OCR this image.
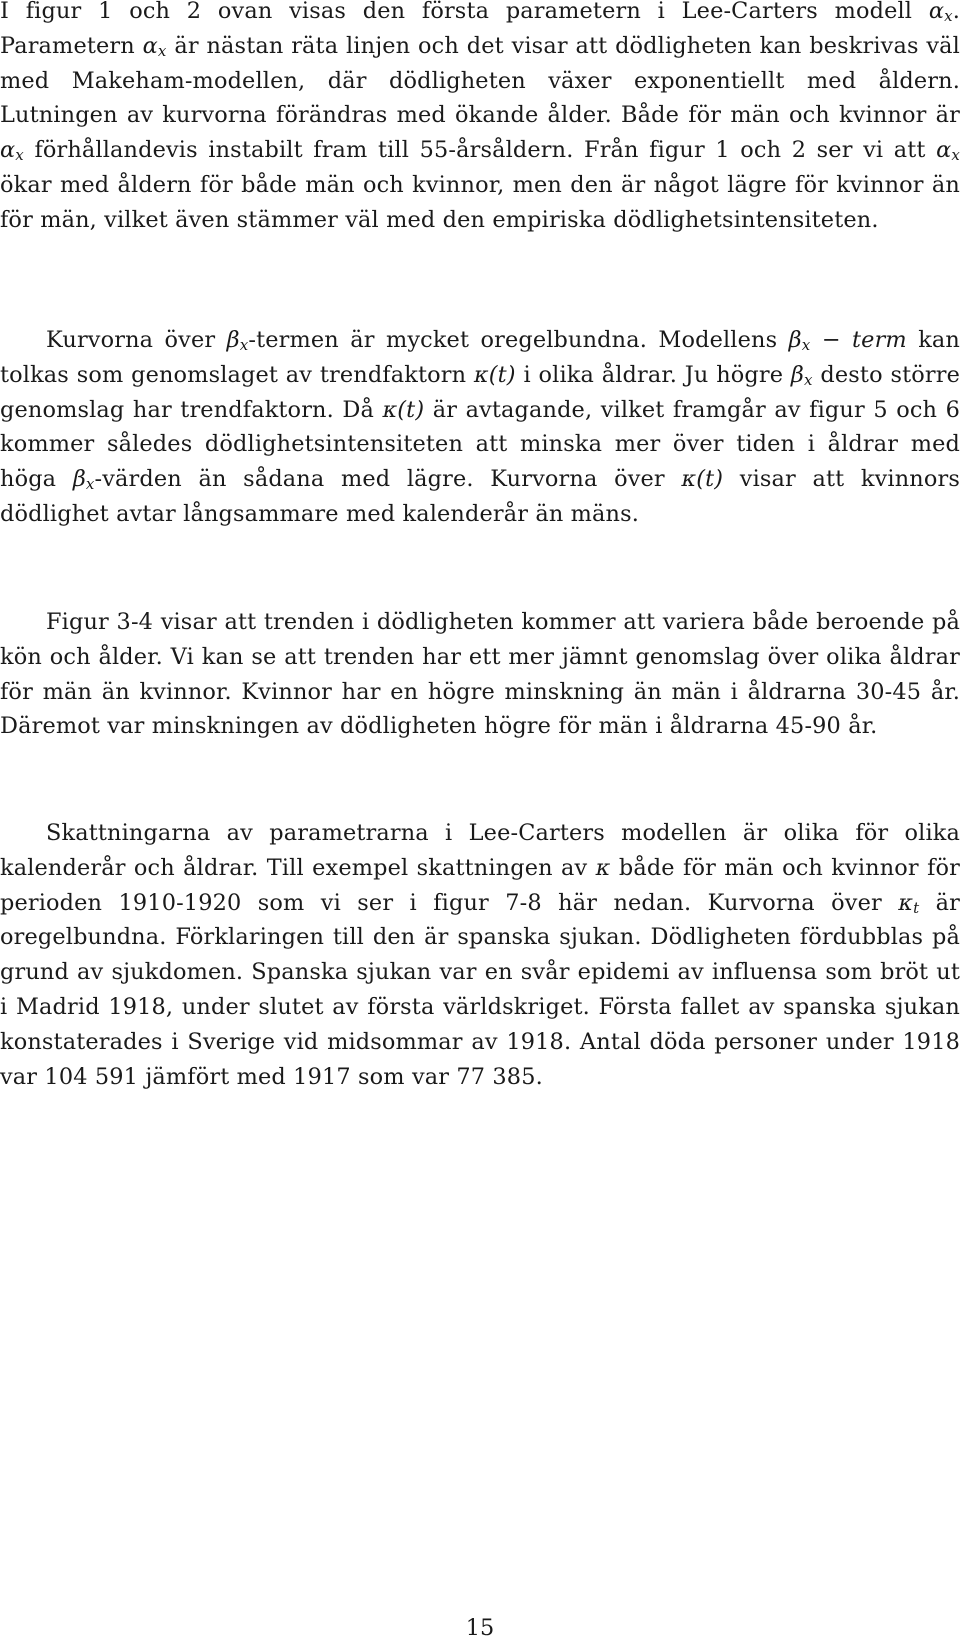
I figur 1 och 2 ovan visas den första parametern i Lee-Carters modell $\alpha_x$. Parametern $\alpha_x$ är nästan räta linjen och det visar att dödligheten kan beskrivas väl med Makeham-modellen, där dödligheten växer exponentiellt med åldern. Lutningen av kurvorna förändras med ökande ålder. Både för män och kvinnor är $\alpha_x$ förhållandevis instabilt fram till 55-årsåldern. Från figur 1 och 2 ser vi att $\alpha_x$ ökar med åldern för både män och kvinnor, men den är något lägre för kvinnor än för män, vilket även stämmer väl med den empiriska dödlighetsintensiteten.

Kurvorna över $\beta_x$-termen är mycket oregelbundna. Modellens $\beta_x$ − term kan tolkas som genomslaget av trendfaktorn κ(t) i olika åldrar. Ju högre $\beta_x$ desto större genomslag har trendfaktorn. Då κ(t) är avtagande, vilket framgår av figur 5 och 6 kommer således dödlighetsintensiteten att minska mer över tiden i åldrar med höga $\beta_x$-värden än sådana med lägre. Kurvorna över κ(t) visar att kvinnors dödlighet avtar långsammare med kalenderår än mäns.

Figur 3-4 visar att trenden i dödligheten kommer att variera både beroende på kön och ålder. Vi kan se att trenden har ett mer jämnt genomslag över olika åldrar för män än kvinnor. Kvinnor har en högre minskning än män i åldrarna 30-45 år. Däremot var minskningen av dödligheten högre för män i åldrarna 45-90 år.

Skattningarna av parametrarna i Lee-Carters modellen är olika för olika kalenderår och åldrar. Till exempel skattningen av κ både för män och kvinnor för perioden 1910-1920 som vi ser i figur 7-8 här nedan. Kurvorna över $\kappa_t$ är oregelbundna. Förklaringen till den är spanska sjukan. Dödligheten fördubblas på grund av sjukdomen. Spanska sjukan var en svår epidemi av influensa som bröt ut i Madrid 1918, under slutet av första världskriget. Första fallet av spanska sjukan konstaterades i Sverige vid midsommar av 1918. Antal döda personer under 1918 var 104 591 jämfört med 1917 som var 77 385.

15
